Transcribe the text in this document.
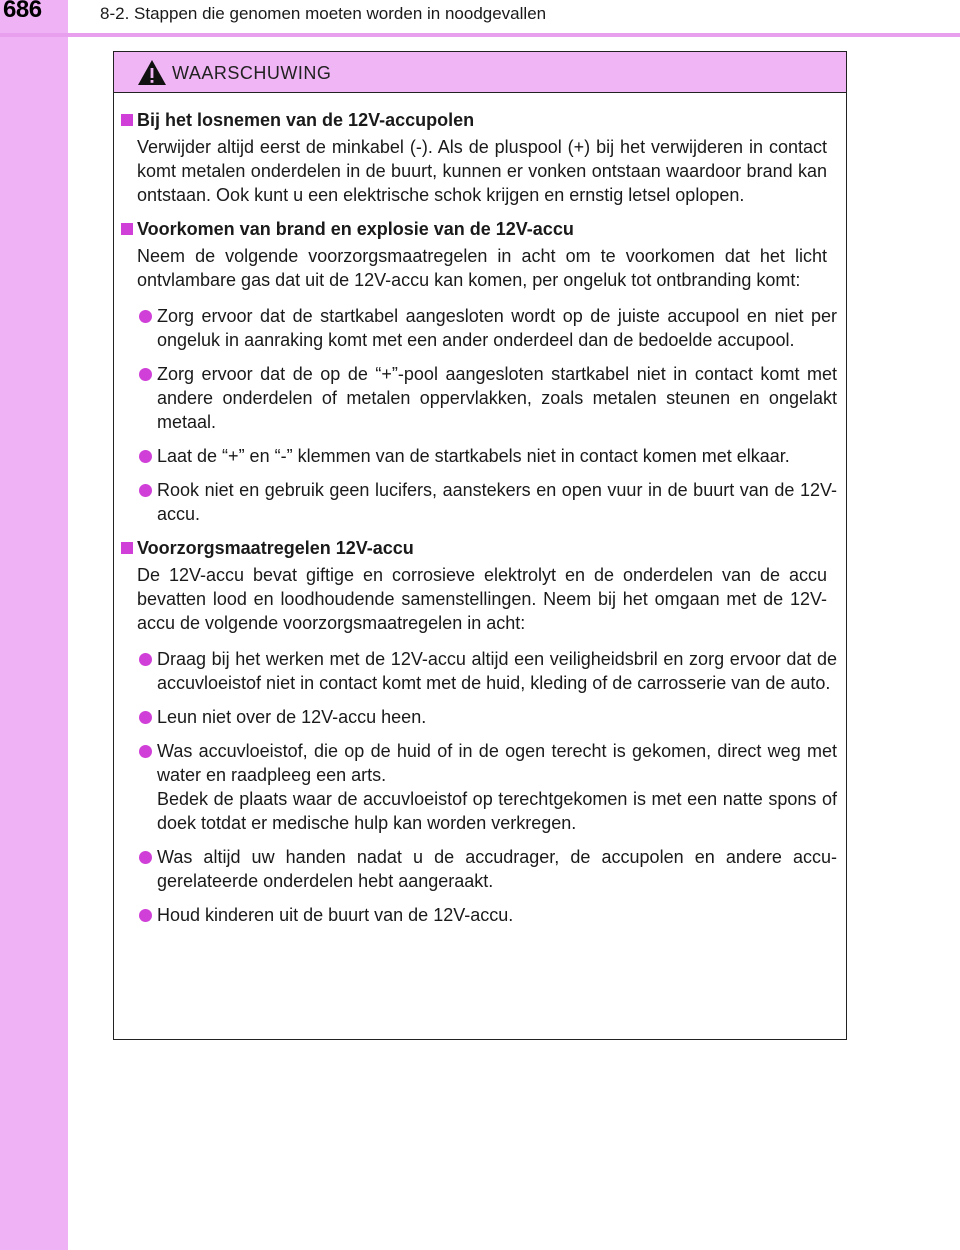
686	8-2. Stappen die genomen moeten worden in noodgevallen
WAARSCHUWING
Bij het losnemen van de 12V-accupolen
Verwijder altijd eerst de minkabel (-). Als de pluspool (+) bij het verwijderen in contact komt metalen onderdelen in de buurt, kunnen er vonken ontstaan waardoor brand kan ontstaan. Ook kunt u een elektrische schok krijgen en ernstig letsel oplopen.
Voorkomen van brand en explosie van de 12V-accu
Neem de volgende voorzorgsmaatregelen in acht om te voorkomen dat het licht ontvlambare gas dat uit de 12V-accu kan komen, per ongeluk tot ontbranding komt:
Zorg ervoor dat de startkabel aangesloten wordt op de juiste accupool en niet per ongeluk in aanraking komt met een ander onderdeel dan de bedoelde accupool.
Zorg ervoor dat de op de “+”-pool aangesloten startkabel niet in contact komt met andere onderdelen of metalen oppervlakken, zoals metalen steunen en ongelakt metaal.
Laat de “+” en “-” klemmen van de startkabels niet in contact komen met elkaar.
Rook niet en gebruik geen lucifers, aanstekers en open vuur in de buurt van de 12V-accu.
Voorzorgsmaatregelen 12V-accu
De 12V-accu bevat giftige en corrosieve elektrolyt en de onderdelen van de accu bevatten lood en loodhoudende samenstellingen. Neem bij het omgaan met de 12V-accu de volgende voorzorgsmaatregelen in acht:
Draag bij het werken met de 12V-accu altijd een veiligheidsbril en zorg ervoor dat de accuvloeistof niet in contact komt met de huid, kleding of de carrosserie van de auto.
Leun niet over de 12V-accu heen.
Was accuvloeistof, die op de huid of in de ogen terecht is gekomen, direct weg met water en raadpleeg een arts.
Bedek de plaats waar de accuvloeistof op terechtgekomen is met een natte spons of doek totdat er medische hulp kan worden verkregen.
Was altijd uw handen nadat u de accudrager, de accupolen en andere accu-gerelateerde onderdelen hebt aangeraakt.
Houd kinderen uit de buurt van de 12V-accu.
